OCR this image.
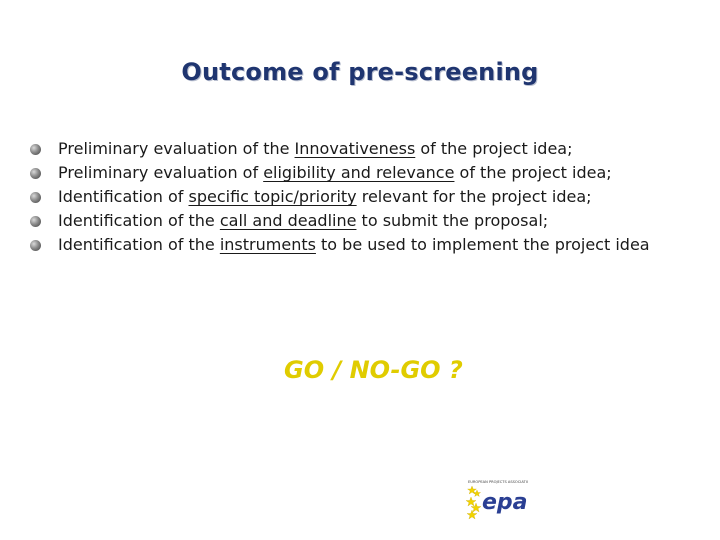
Outcome of pre-screening
Preliminary evaluation of the Innovativeness of the project idea;
Preliminary evaluation of eligibility and relevance of the project idea;
Identification of specific topic/priority relevant for the project idea;
Identification of the call and deadline to submit the proposal;
Identification of the instruments to be used to implement the project idea
GO / NO-GO ?
EUROPEAN PROJECTS ASSOCIATION
epa
